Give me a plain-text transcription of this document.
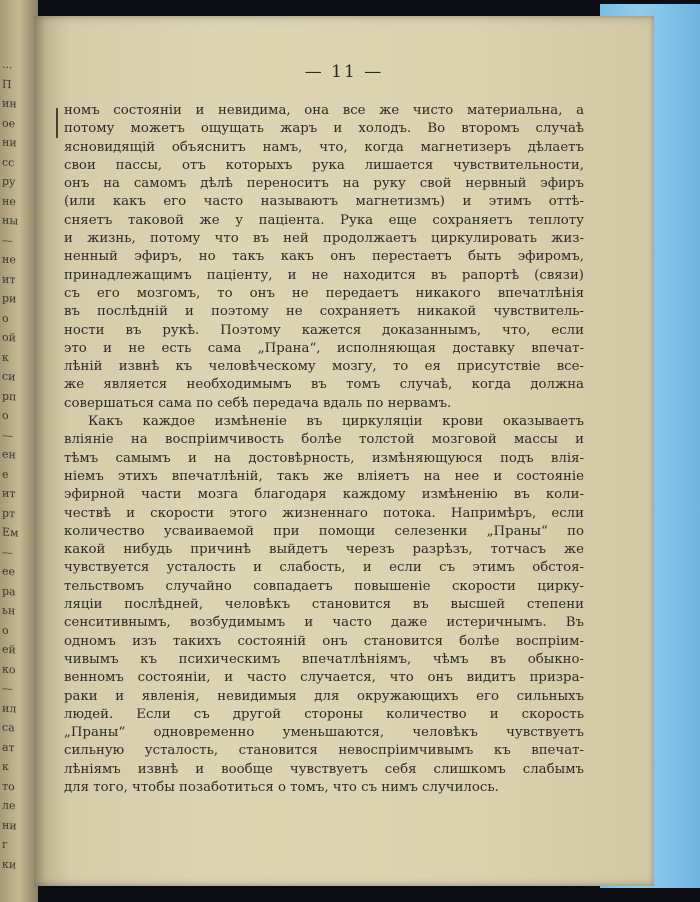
...
П
ин
ое
ни
сс
ру
не
ны
—
не
ит
ри
о
ой
к
си
рп
о
—
ен
е
ит
рт
Ем
—
ее
ра
ьн
о
ей
ко
—
ил
са
ат
к
то
ле
ни
г
ки
— 11 —
номъ состоянiи и невидима, она все же чисто материальна, а
потому можетъ ощущать жаръ и холодъ. Во второмъ случаѣ
ясновидящiй объяснитъ намъ, что, когда магнетизеръ дѣлаетъ
свои пассы, отъ которыхъ рука лишается чувствительности,
онъ на самомъ дѣлѣ переноситъ на руку свой нервный эфиръ
(или какъ его часто называютъ магнетизмъ) и этимъ оттѣ-
сняетъ таковой же у пацiента. Рука еще сохраняетъ теплоту
и жизнь, потому что въ ней продолжаетъ циркулировать жиз-
ненный эфиръ, но такъ какъ онъ перестаетъ быть эфиромъ,
принадлежащимъ пацiенту, и не находится въ рапортѣ (связи)
съ его мозгомъ, то онъ не передаетъ никакого впечатлѣнiя
въ послѣднiй и поэтому не сохраняетъ никакой чувствитель-
ности въ рукѣ. Поэтому кажется доказаннымъ, что, если
это и не есть сама „Прана“, исполняющая доставку впечат-
лѣнiй извнѣ къ человѣческому мозгу, то ея присутствiе все-
же является необходимымъ въ томъ случаѣ, когда должна
совершаться сама по себѣ передача вдаль по нервамъ.
Какъ каждое измѣненiе въ циркуляцiи крови оказываетъ
влiянiе на воспрiимчивость болѣе толстой мозговой массы и
тѣмъ самымъ и на достовѣрность, измѣняющуюся подъ влiя-
нiемъ этихъ впечатлѣнiй, такъ же влiяетъ на нее и состоянiе
эфирной части мозга благодаря каждому измѣненiю въ коли-
чествѣ и скорости этого жизненнаго потока. Напримѣръ, если
количество усваиваемой при помощи селезенки „Праны“ по
какой нибудь причинѣ выйдетъ черезъ разрѣзъ, тотчасъ же
чувствуется усталость и слабость, и если съ этимъ обстоя-
тельствомъ случайно совпадаетъ повышенiе скорости цирку-
ляцiи послѣдней, человѣкъ становится въ высшей степени
сенситивнымъ, возбудимымъ и часто даже истеричнымъ. Въ
одномъ изъ такихъ состоянiй онъ становится болѣе воспрiим-
чивымъ къ психическимъ впечатлѣнiямъ, чѣмъ въ обыкно-
венномъ состоянiи, и часто случается, что онъ видитъ призра-
раки и явленiя, невидимыя для окружающихъ его сильныхъ
людей. Если съ другой стороны количество и скорость
„Праны“ одновременно уменьшаются, человѣкъ чувствуетъ
сильную усталость, становится невоспрiимчивымъ къ впечат-
лѣнiямъ извнѣ и вообще чувствуетъ себя слишкомъ слабымъ
для того, чтобы позаботиться о томъ, что съ нимъ случилось.
